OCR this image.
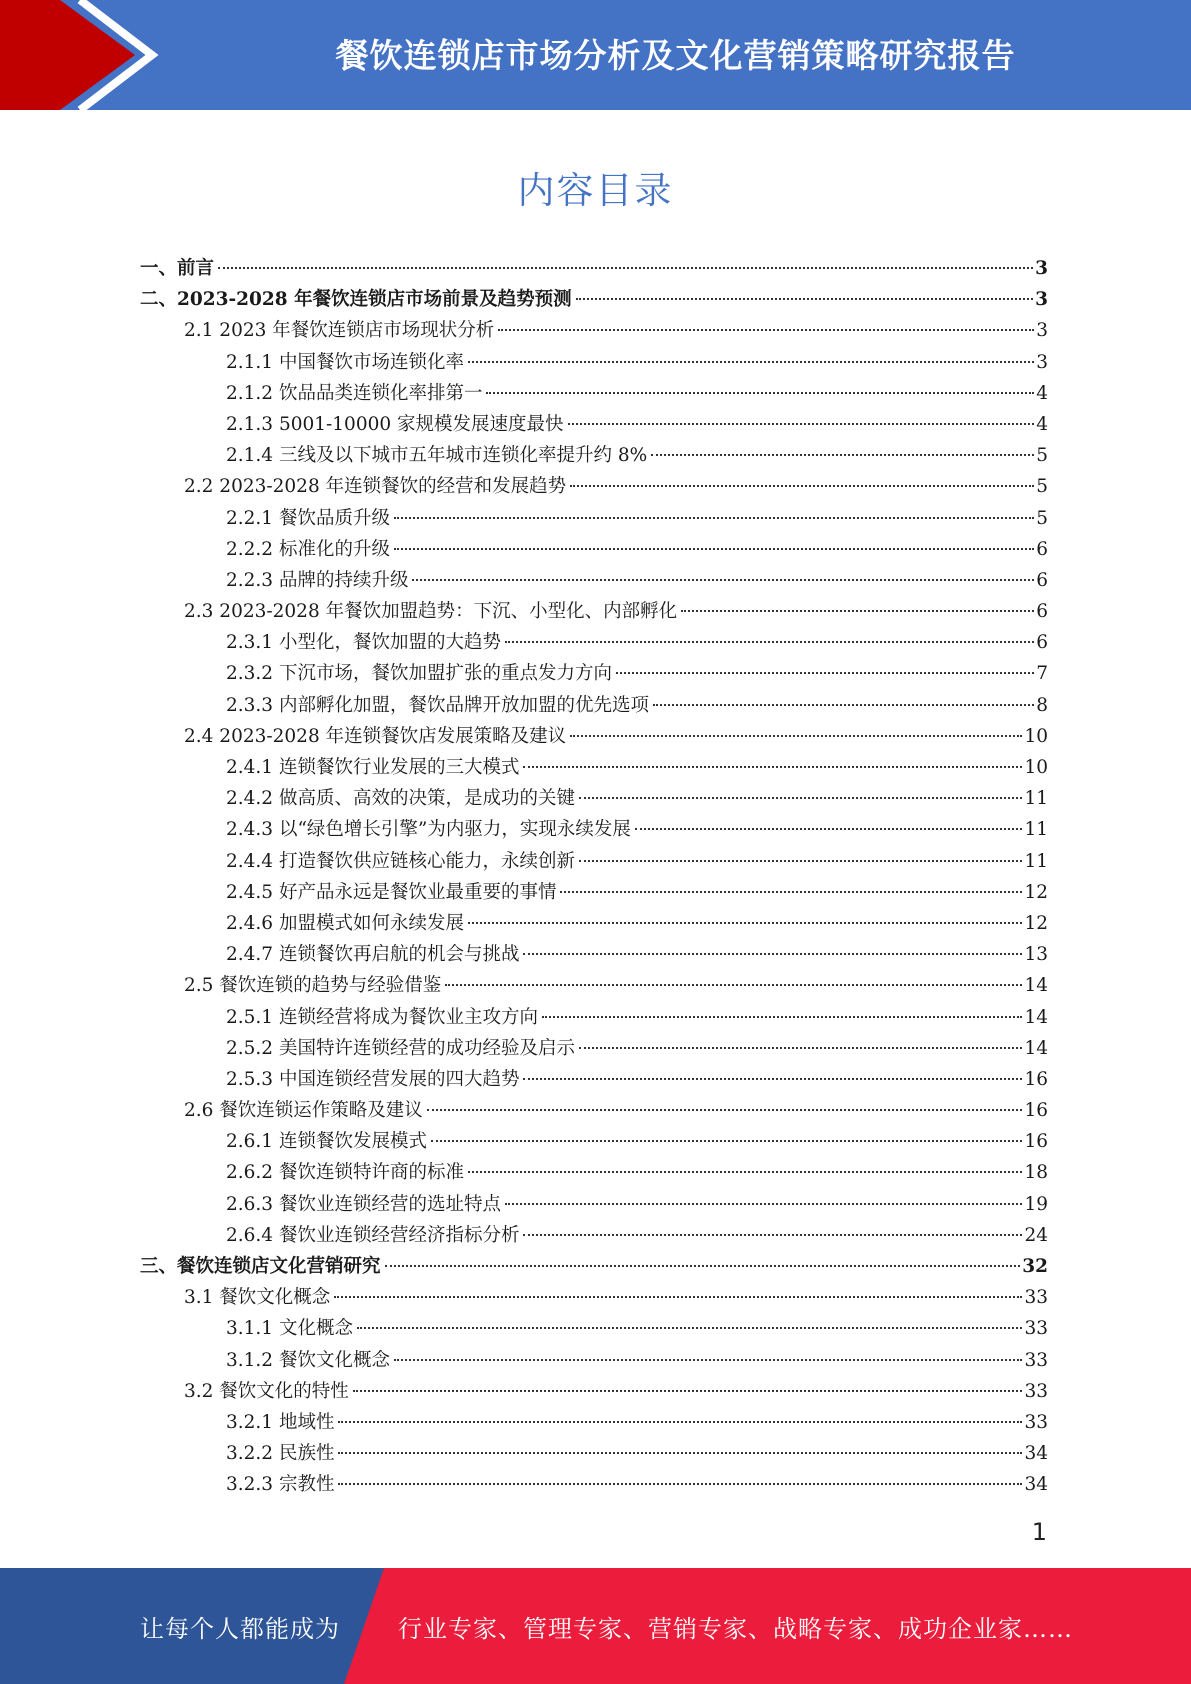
餐饮连锁店市场分析及文化营销策略研究报告
内容目录
一、前言	3
二、2023-2028 年餐饮连锁店市场前景及趋势预测	3
2.1 2023 年餐饮连锁店市场现状分析	3
2.1.1 中国餐饮市场连锁化率	3
2.1.2 饮品品类连锁化率排第一	4
2.1.3 5001-10000 家规模发展速度最快	4
2.1.4 三线及以下城市五年城市连锁化率提升约 8%	5
2.2 2023-2028 年连锁餐饮的经营和发展趋势	5
2.2.1 餐饮品质升级	5
2.2.2 标准化的升级	6
2.2.3 品牌的持续升级	6
2.3 2023-2028 年餐饮加盟趋势：下沉、小型化、内部孵化	6
2.3.1 小型化，餐饮加盟的大趋势	6
2.3.2 下沉市场，餐饮加盟扩张的重点发力方向	7
2.3.3 内部孵化加盟，餐饮品牌开放加盟的优先选项	8
2.4 2023-2028 年连锁餐饮店发展策略及建议	10
2.4.1 连锁餐饮行业发展的三大模式	10
2.4.2 做高质、高效的决策，是成功的关键	11
2.4.3 以“绿色增长引擎”为内驱力，实现永续发展	11
2.4.4 打造餐饮供应链核心能力，永续创新	11
2.4.5 好产品永远是餐饮业最重要的事情	12
2.4.6 加盟模式如何永续发展	12
2.4.7 连锁餐饮再启航的机会与挑战	13
2.5 餐饮连锁的趋势与经验借鉴	14
2.5.1 连锁经营将成为餐饮业主攻方向	14
2.5.2 美国特许连锁经营的成功经验及启示	14
2.5.3 中国连锁经营发展的四大趋势	16
2.6 餐饮连锁运作策略及建议	16
2.6.1 连锁餐饮发展模式	16
2.6.2 餐饮连锁特许商的标准	18
2.6.3 餐饮业连锁经营的选址特点	19
2.6.4 餐饮业连锁经营经济指标分析	24
三、餐饮连锁店文化营销研究	32
3.1 餐饮文化概念	33
3.1.1 文化概念	33
3.1.2 餐饮文化概念	33
3.2 餐饮文化的特性	33
3.2.1 地域性	33
3.2.2 民族性	34
3.2.3 宗教性	34
1
让每个人都能成为 行业专家、管理专家、营销专家、战略专家、成功企业家……
